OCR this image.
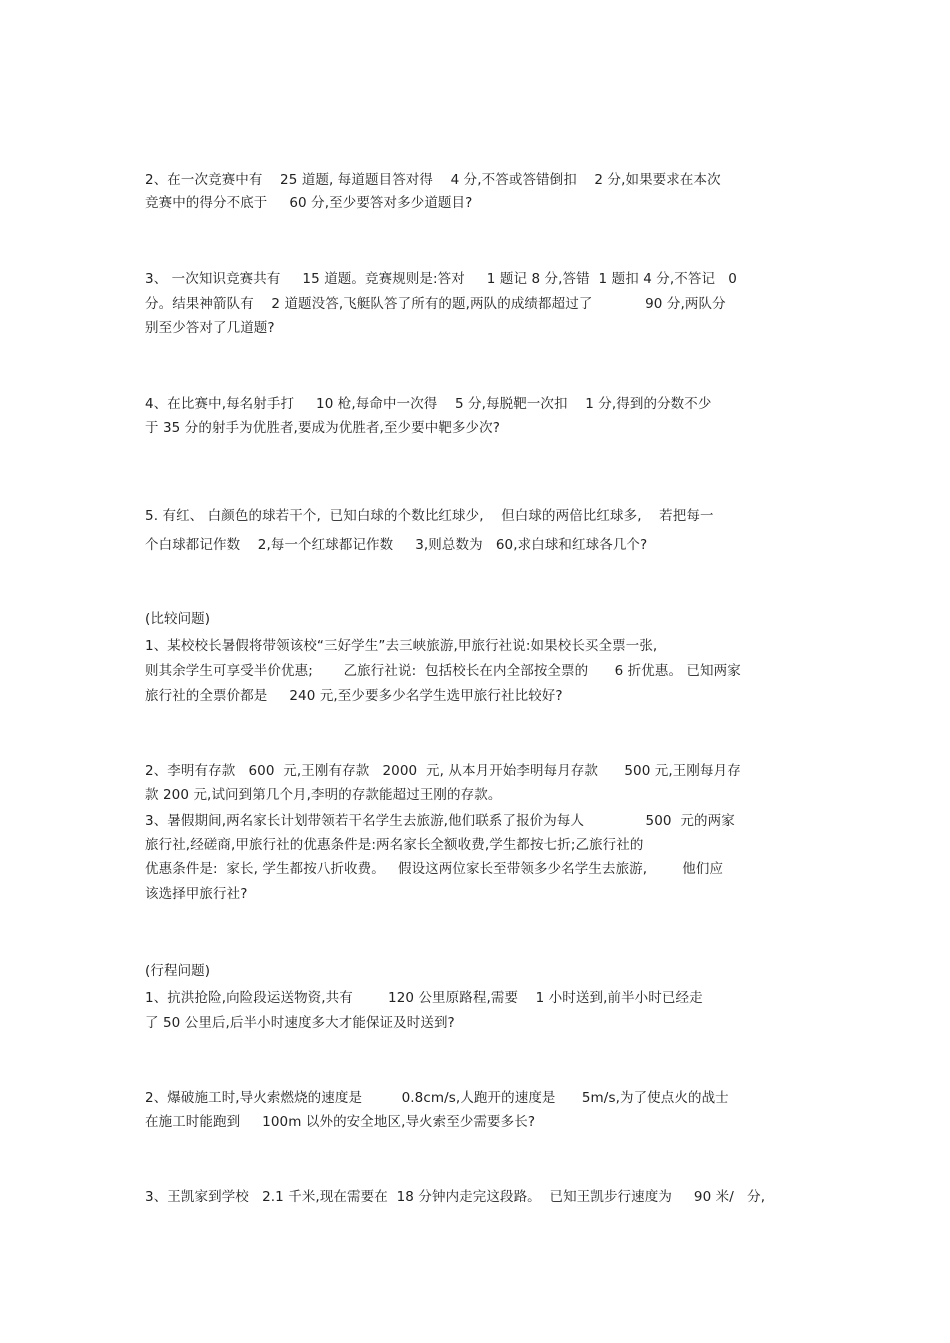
2、在一次竞赛中有    25 道题, 每道题目答对得    4 分,不答或答错倒扣    2 分,如果要求在本次
竞赛中的得分不底于     60 分,至少要答对多少道题目?
3、 一次知识竞赛共有     15 道题。竞赛规则是:答对     1 题记 8 分,答错  1 题扣 4 分,不答记   0
分。结果神箭队有    2 道题没答,飞艇队答了所有的题,两队的成绩都超过了            90 分,两队分
别至少答对了几道题?
4、在比赛中,每名射手打     10 枪,每命中一次得    5 分,每脱靶一次扣    1 分,得到的分数不少
于 35 分的射手为优胜者,要成为优胜者,至少要中靶多少次?
5. 有红、 白颜色的球若干个,  已知白球的个数比红球少,    但白球的两倍比红球多,    若把每一
个白球都记作数    2,每一个红球都记作数     3,则总数为   60,求白球和红球各几个?
(比较问题)
1、某校校长暑假将带领该校“三好学生”去三峡旅游,甲旅行社说:如果校长买全票一张,
则其余学生可享受半价优惠;       乙旅行社说:  包括校长在内全部按全票的      6 折优惠。 已知两家
旅行社的全票价都是     240 元,至少要多少名学生选甲旅行社比较好?
2、李明有存款   600  元,王刚有存款   2000  元, 从本月开始李明每月存款      500 元,王刚每月存
款 200 元,试问到第几个月,李明的存款能超过王刚的存款。
3、暑假期间,两名家长计划带领若干名学生去旅游,他们联系了报价为每人              500  元的两家
旅行社,经磋商,甲旅行社的优惠条件是:两名家长全额收费,学生都按七折;乙旅行社的
优惠条件是:  家长, 学生都按八折收费。   假设这两位家长至带领多少名学生去旅游,        他们应
该选择甲旅行社?
(行程问题)
1、抗洪抢险,向险段运送物资,共有        120 公里原路程,需要    1 小时送到,前半小时已经走
了 50 公里后,后半小时速度多大才能保证及时送到?
2、爆破施工时,导火索燃烧的速度是         0.8cm/s,人跑开的速度是      5m/s,为了使点火的战士
在施工时能跑到     100m 以外的安全地区,导火索至少需要多长?
3、王凯家到学校   2.1 千米,现在需要在  18 分钟内走完这段路。  已知王凯步行速度为     90 米/   分,
